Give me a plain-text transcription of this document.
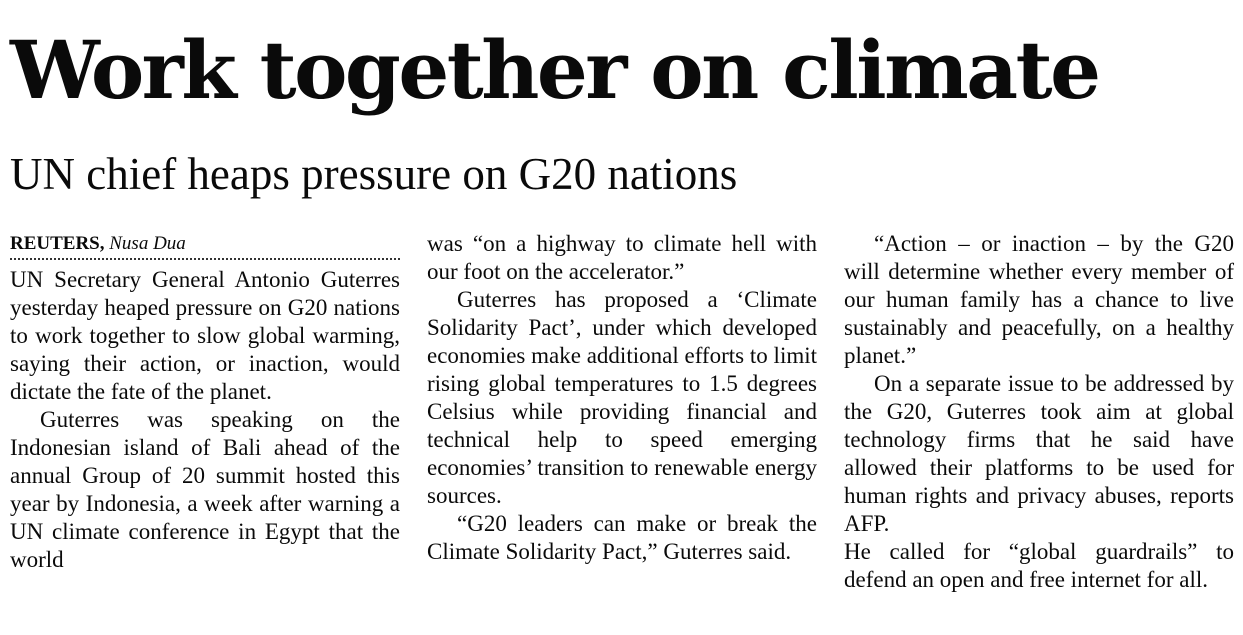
Work together on climate
UN chief heaps pressure on G20 nations
REUTERS, Nusa Dua

UN Secretary General Antonio Guterres yesterday heaped pressure on G20 nations to work together to slow global warming, saying their action, or inaction, would dictate the fate of the planet.

Guterres was speaking on the Indonesian island of Bali ahead of the annual Group of 20 summit hosted this year by Indonesia, a week after warning a UN climate conference in Egypt that the world

was “on a highway to climate hell with our foot on the accelerator.”

Guterres has proposed a ‘Climate Solidarity Pact’, under which developed economies make additional efforts to limit rising global temperatures to 1.5 degrees Celsius while providing financial and technical help to speed emerging economies’ transition to renewable energy sources.

“G20 leaders can make or break the Climate Solidarity Pact,” Guterres said.

“Action – or inaction – by the G20 will determine whether every member of our human family has a chance to live sustainably and peacefully, on a healthy planet.”

On a separate issue to be addressed by the G20, Guterres took aim at global technology firms that he said have allowed their platforms to be used for human rights and privacy abuses, reports AFP.

He called for “global guardrails” to defend an open and free internet for all.
